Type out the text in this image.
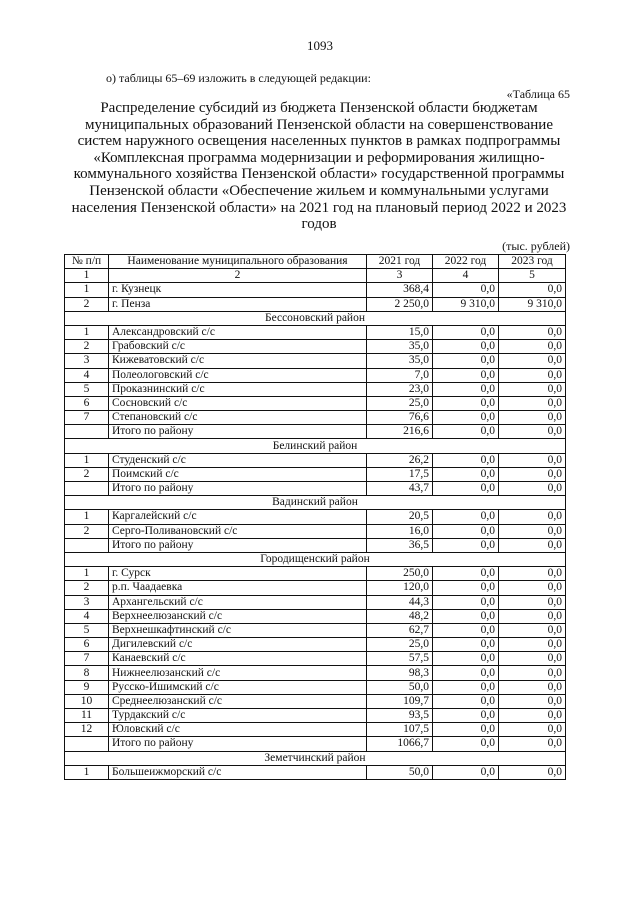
1093
о) таблицы 65–69 изложить в следующей редакции:
«Таблица 65
Распределение субсидий из бюджета Пензенской области бюджетам муниципальных образований Пензенской области на совершенствование систем наружного освещения населенных пунктов в рамках подпрограммы «Комплексная программа модернизации и реформирования жилищно-коммунального хозяйства Пензенской области» государственной программы Пензенской области «Обеспечение жильем и коммунальными услугами населения Пензенской области» на 2021 год на плановый период 2022 и 2023 годов
(тыс. рублей)
№ п/п	Наименование муниципального образования	2021 год	2022 год	2023 год
1	2	3	4	5
1	г. Кузнецк	368,4	0,0	0,0
2	г. Пенза	2 250,0	9 310,0	9 310,0
Бессоновский район				
1	Александровский с/с	15,0	0,0	0,0
2	Грабовский с/с	35,0	0,0	0,0
3	Кижеватовский с/с	35,0	0,0	0,0
4	Полеологовский с/с	7,0	0,0	0,0
5	Проказнинский с/с	23,0	0,0	0,0
6	Сосновский с/с	25,0	0,0	0,0
7	Степановский с/с	76,6	0,0	0,0
	Итого по району	216,6	0,0	0,0
Белинский район				
1	Студенский с/с	26,2	0,0	0,0
2	Поимский с/с	17,5	0,0	0,0
	Итого по району	43,7	0,0	0,0
Вадинский район				
1	Каргалейский с/с	20,5	0,0	0,0
2	Серго-Поливановский с/с	16,0	0,0	0,0
	Итого по району	36,5	0,0	0,0
Городищенский район				
1	г. Сурск	250,0	0,0	0,0
2	р.п. Чаадаевка	120,0	0,0	0,0
3	Архангельский с/с	44,3	0,0	0,0
4	Верхнеелюзанский с/с	48,2	0,0	0,0
5	Верхнешкафтинский с/с	62,7	0,0	0,0
6	Дигилевский с/с	25,0	0,0	0,0
7	Канаевский с/с	57,5	0,0	0,0
8	Нижнеелюзанский с/с	98,3	0,0	0,0
9	Русско-Ишимский с/с	50,0	0,0	0,0
10	Среднеелюзанский с/с	109,7	0,0	0,0
11	Турдакский с/с	93,5	0,0	0,0
12	Юловский с/с	107,5	0,0	0,0
	Итого по району	1066,7	0,0	0,0
Земетчинский район				
1	Большеижморский с/с	50,0	0,0	0,0
